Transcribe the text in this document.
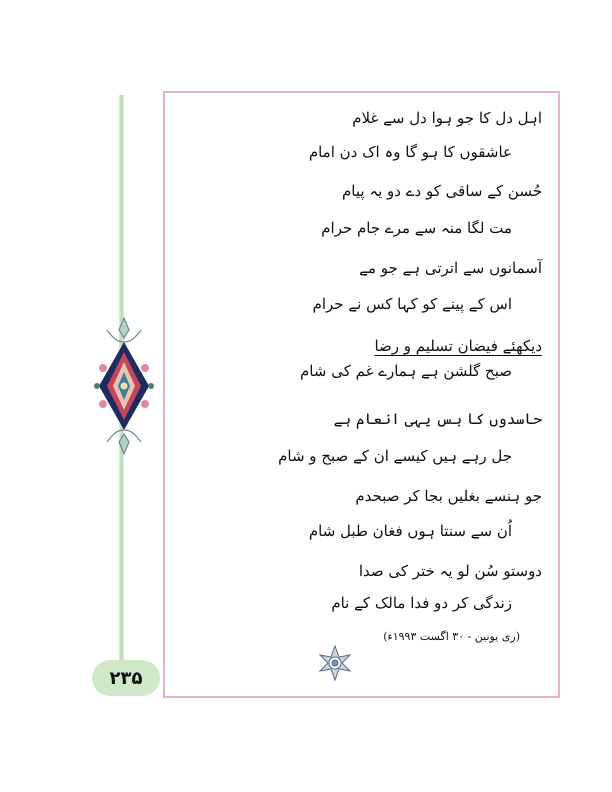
اہل دل کا جو ہوا دل سے غلام
عاشقوں کا ہو گا وہ اک دن امام
حُسن کے ساقی کو دے دو یہ پیام
مت لگا منہ سے مرے جام حرام
آسمانوں سے اترتی ہے جو مے
اس کے پینے کو کہا کس نے حرام
دیکھئے فیضان تسلیم و رضا
صبح گلشن ہے ہمارے غم کی شام
حاسدوں کا بس یہی انعام ہے
جل رہے ہیں کیسے ان کے صبح و شام
جو ہنسے بغلیں بجا کر صبحدم
اُن سے سنتا ہوں فغان طبل شام
دوستو سُن لو یہ ختر کی صدا
زندگی کر دو فدا مالک کے نام
(ری یونین - ۳۰ اگست ۱۹۹۳ء)
۲۳۵
